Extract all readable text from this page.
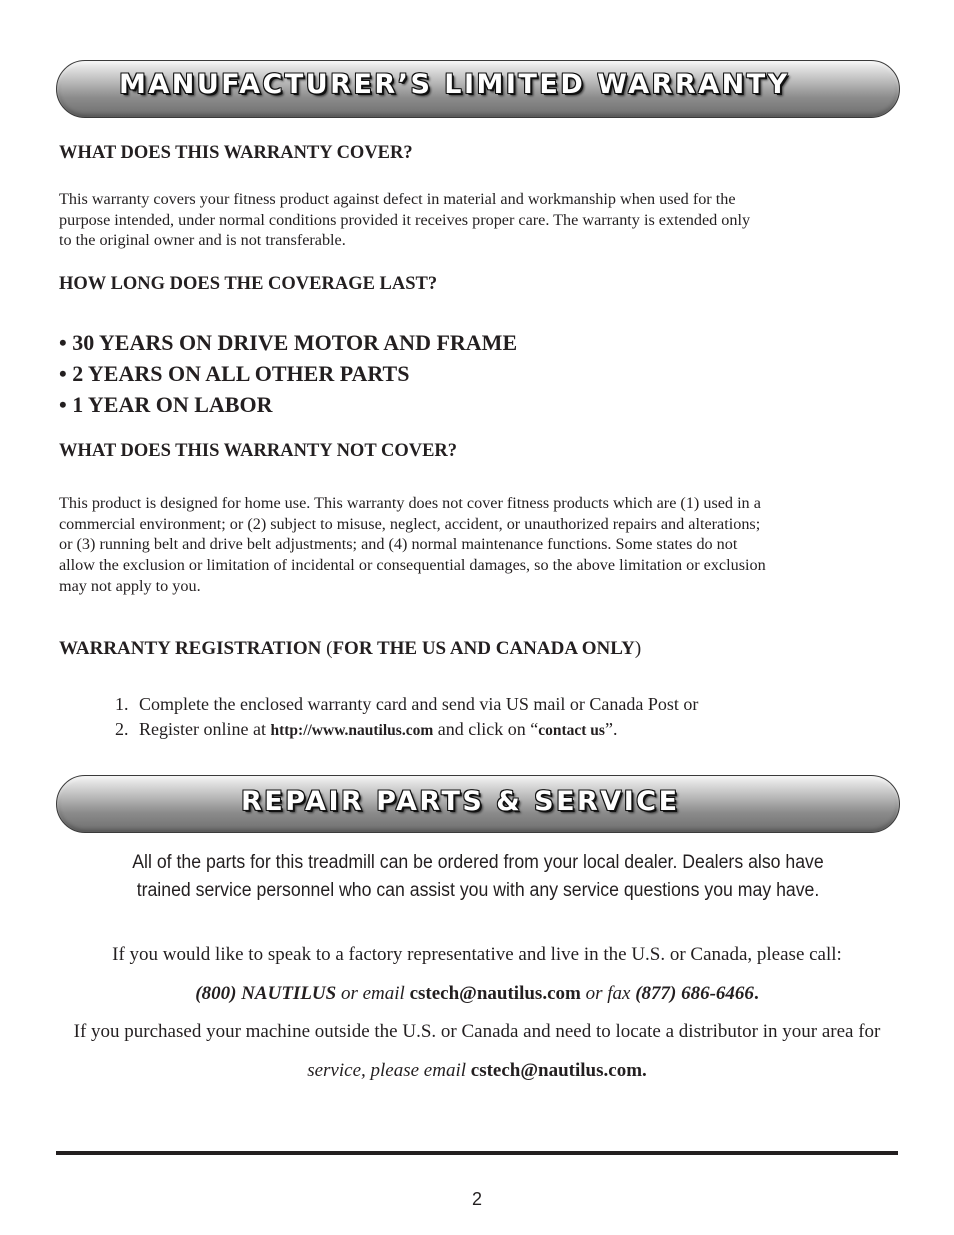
MANUFACTURER’S LIMITED WARRANTY
WHAT DOES THIS WARRANTY COVER?
This warranty covers your fitness product against defect in material and workmanship when used for the
purpose intended, under normal conditions provided it receives proper care. The warranty is extended only
to the original owner and is not transferable.
HOW LONG DOES THE COVERAGE LAST?
• 30 YEARS ON DRIVE MOTOR AND FRAME
• 2 YEARS ON ALL OTHER PARTS
• 1 YEAR ON LABOR
WHAT DOES THIS WARRANTY NOT COVER?
This product is designed for home use. This warranty does not cover fitness products which are (1) used in a
commercial environment; or (2) subject to misuse, neglect, accident, or unauthorized repairs and alterations;
or (3) running belt and drive belt adjustments; and (4) normal maintenance functions. Some states do not
allow the exclusion or limitation of incidental or consequential damages, so the above limitation or exclusion
may not apply to you.
WARRANTY REGISTRATION (FOR THE US AND CANADA ONLY)
1. Complete the enclosed warranty card and send via US mail or Canada Post or
2. Register online at http://www.nautilus.com and click on “contact us”.
REPAIR PARTS & SERVICE
All of the parts for this treadmill can be ordered from your local dealer. Dealers also have
trained service personnel who can assist you with any service questions you may have.
If you would like to speak to a factory representative and live in the U.S. or Canada, please call:
(800) NAUTILUS or email cstech@nautilus.com or fax (877) 686-6466.
If you purchased your machine outside the U.S. or Canada and need to locate a distributor in your area for
service, please email cstech@nautilus.com.
2
